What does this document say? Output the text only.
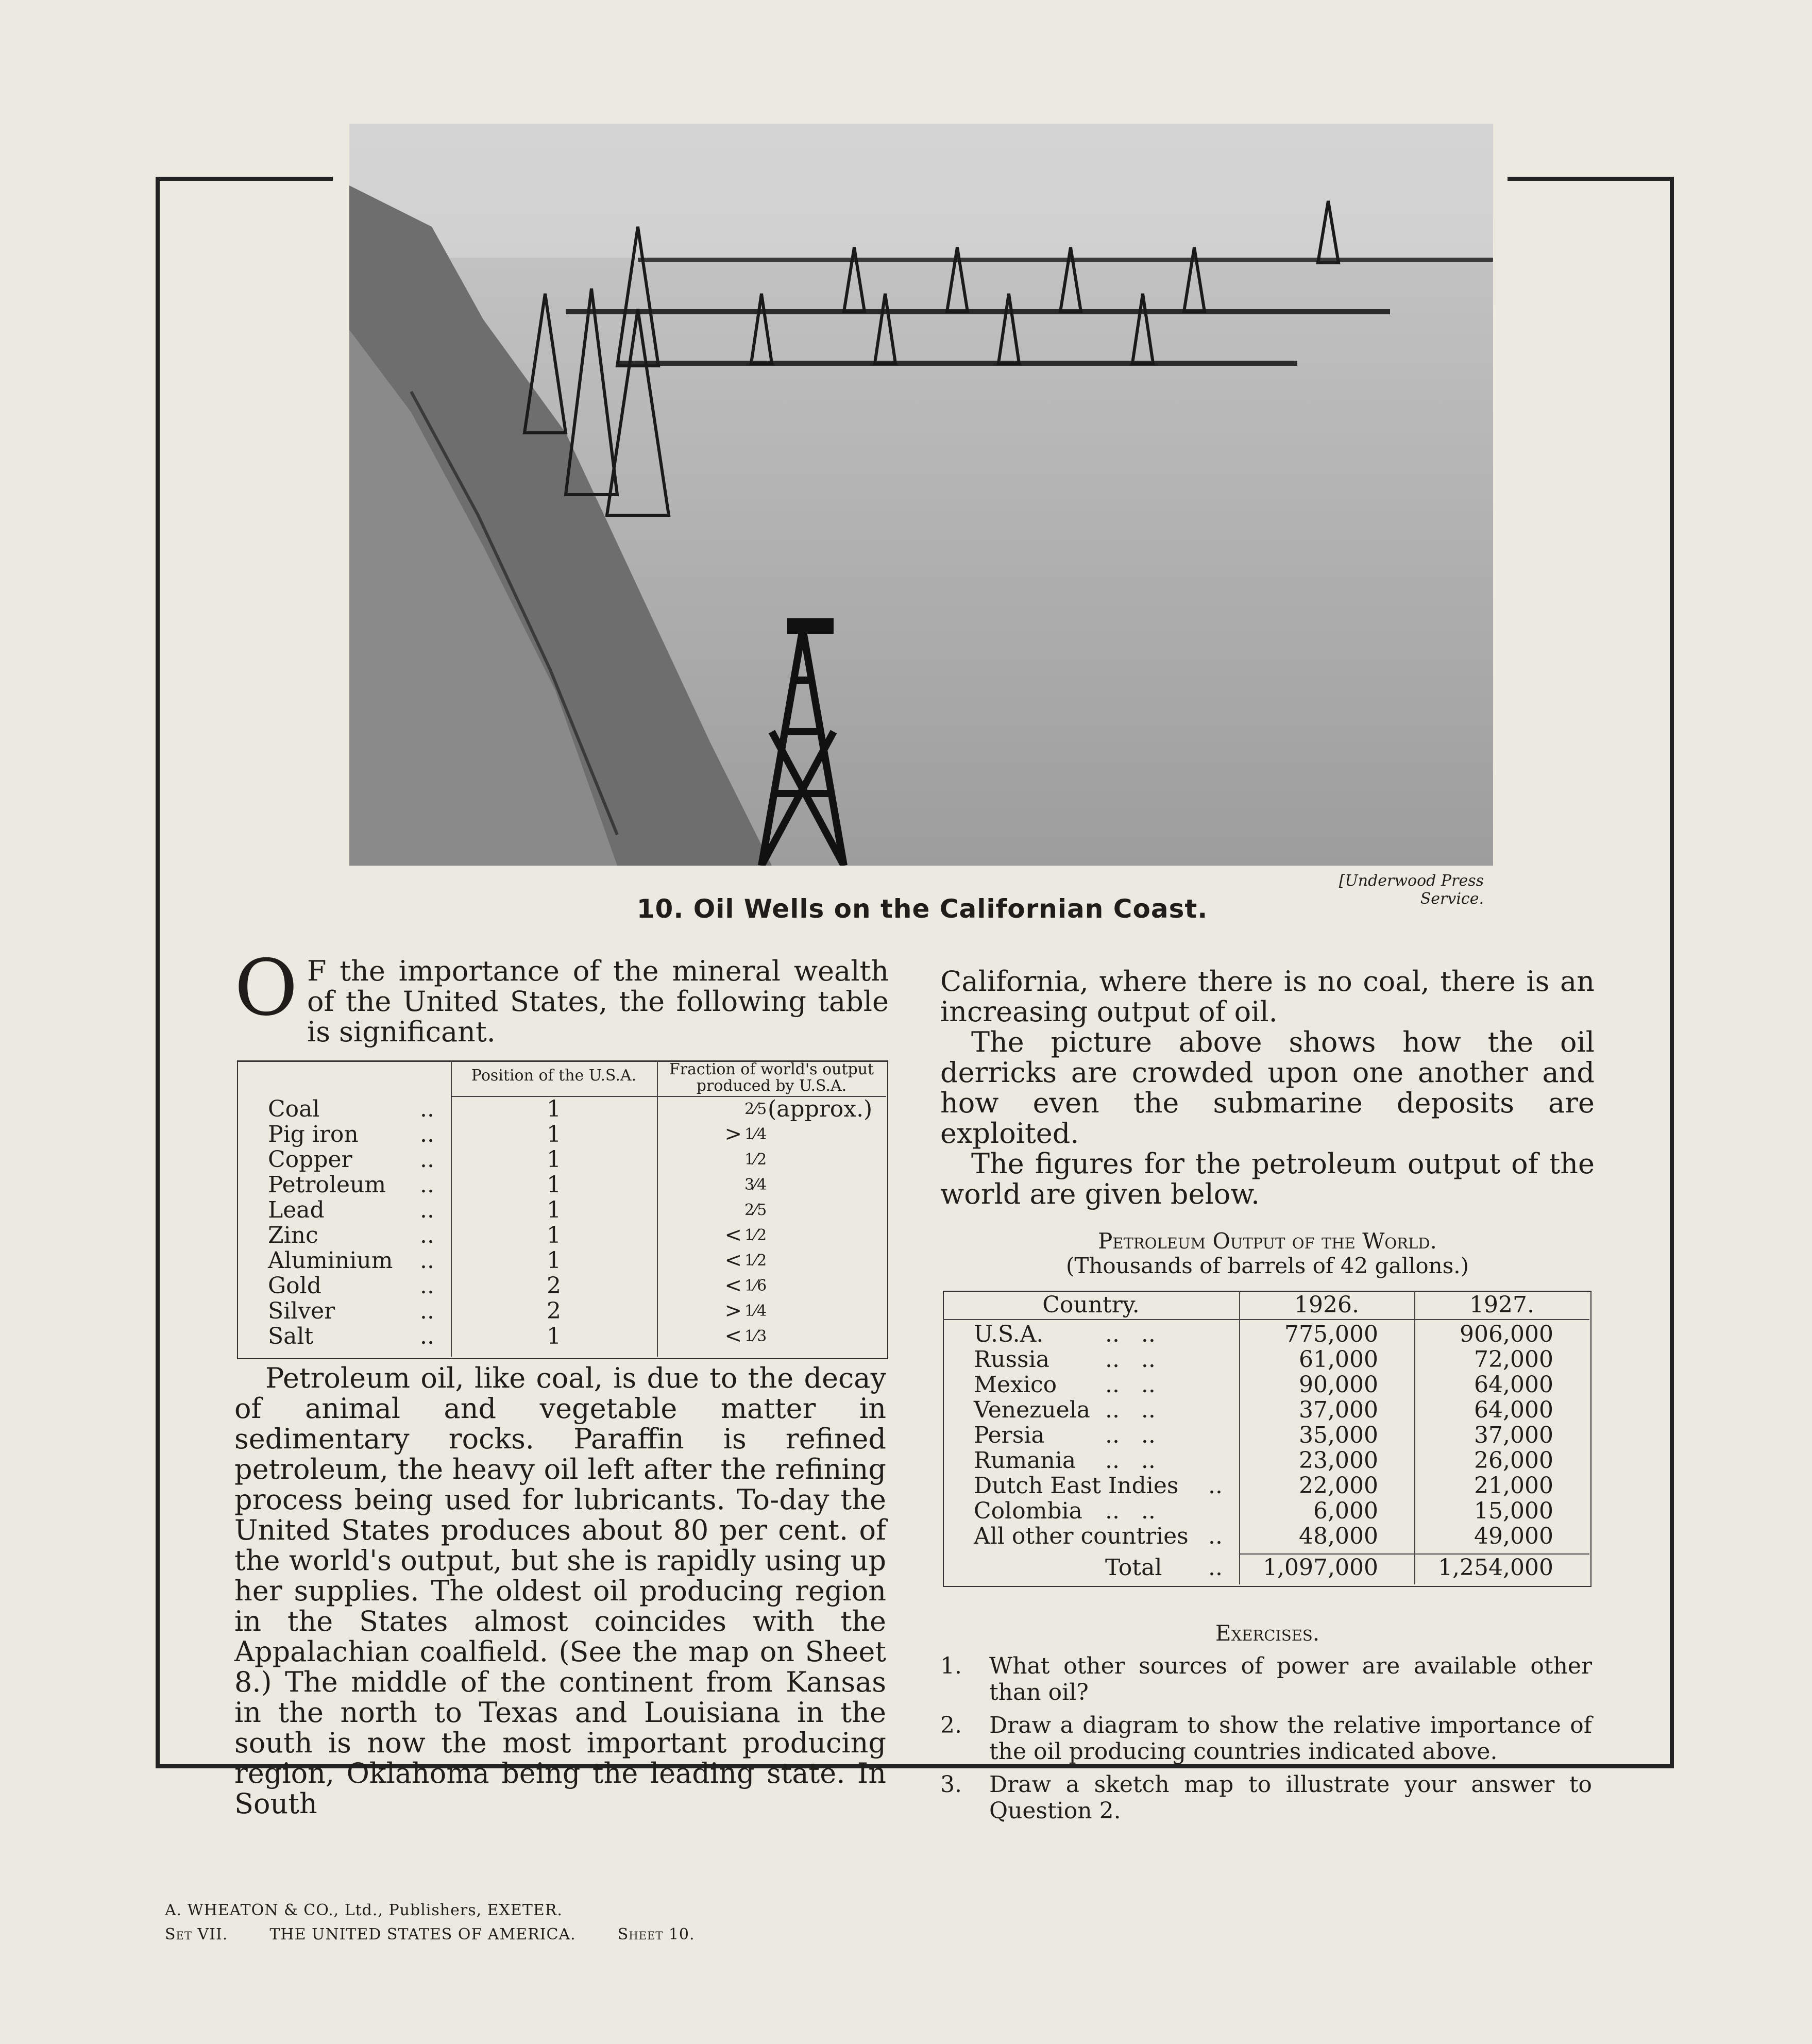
[Underwood Press Service.
10. Oil Wells on the Californian Coast.
O F the importance of the mineral wealth of the United States, the following table is significant.
Position of the U.S.A.	Fraction of world's output produced by U.S.A.
Coal	..	1	2⁄5 (approx.)
Pig iron	..	1	> 1⁄4
Copper	..	1	1⁄2
Petroleum ..	1	3⁄4
Lead	..	1	2⁄5
Zinc	..	1	< 1⁄2
Aluminium ..	1	< 1⁄2
Gold	..	2	< 1⁄6
Silver	..	2	> 1⁄4
Salt	..	1	< 1⁄3

Petroleum oil, like coal, is due to the decay of animal and vegetable matter in sedimentary rocks. Paraffin is refined petroleum, the heavy oil left after the refining process being used for lubricants. To-day the United States produces about 80 per cent. of the world's output, but she is rapidly using up her supplies. The oldest oil producing region in the States almost coincides with the Appalachian coalfield. (See the map on Sheet 8.) The middle of the continent from Kansas in the north to Texas and Louisiana in the south is now the most important producing region, Oklahoma being the leading state. In South

California, where there is no coal, there is an increasing output of oil.

The picture above shows how the oil derricks are crowded upon one another and how even the submarine deposits are exploited.

The figures for the petroleum output of the world are given below.

Petroleum Output of the World.
(Thousands of barrels of 42 gallons.)
Country.	1926.	1927.
U.S.A.	..   ..	775,000	906,000
Russia ..   ..	61,000	72,000
Mexico ..   ..	90,000	64,000
Venezuela ..   ..	37,000	64,000
Persia	..   ..	35,000	37,000
Rumania ..   ..	23,000	26,000
Dutch East Indies ..	22,000	21,000
Colombia ..   ..	6,000	15,000
All other countries ..	48,000	49,000
Total ..	1,097,000	1,254,000
Exercises.
1. What other sources of power are available other than oil?
2. Draw a diagram to show the relative importance of the oil producing countries indicated above.
3. Draw a sketch map to illustrate your answer to Question 2.
A. WHEATON & CO., Ltd., Publishers, EXETER.
Set VII.	THE UNITED STATES OF AMERICA.	Sheet 10.
